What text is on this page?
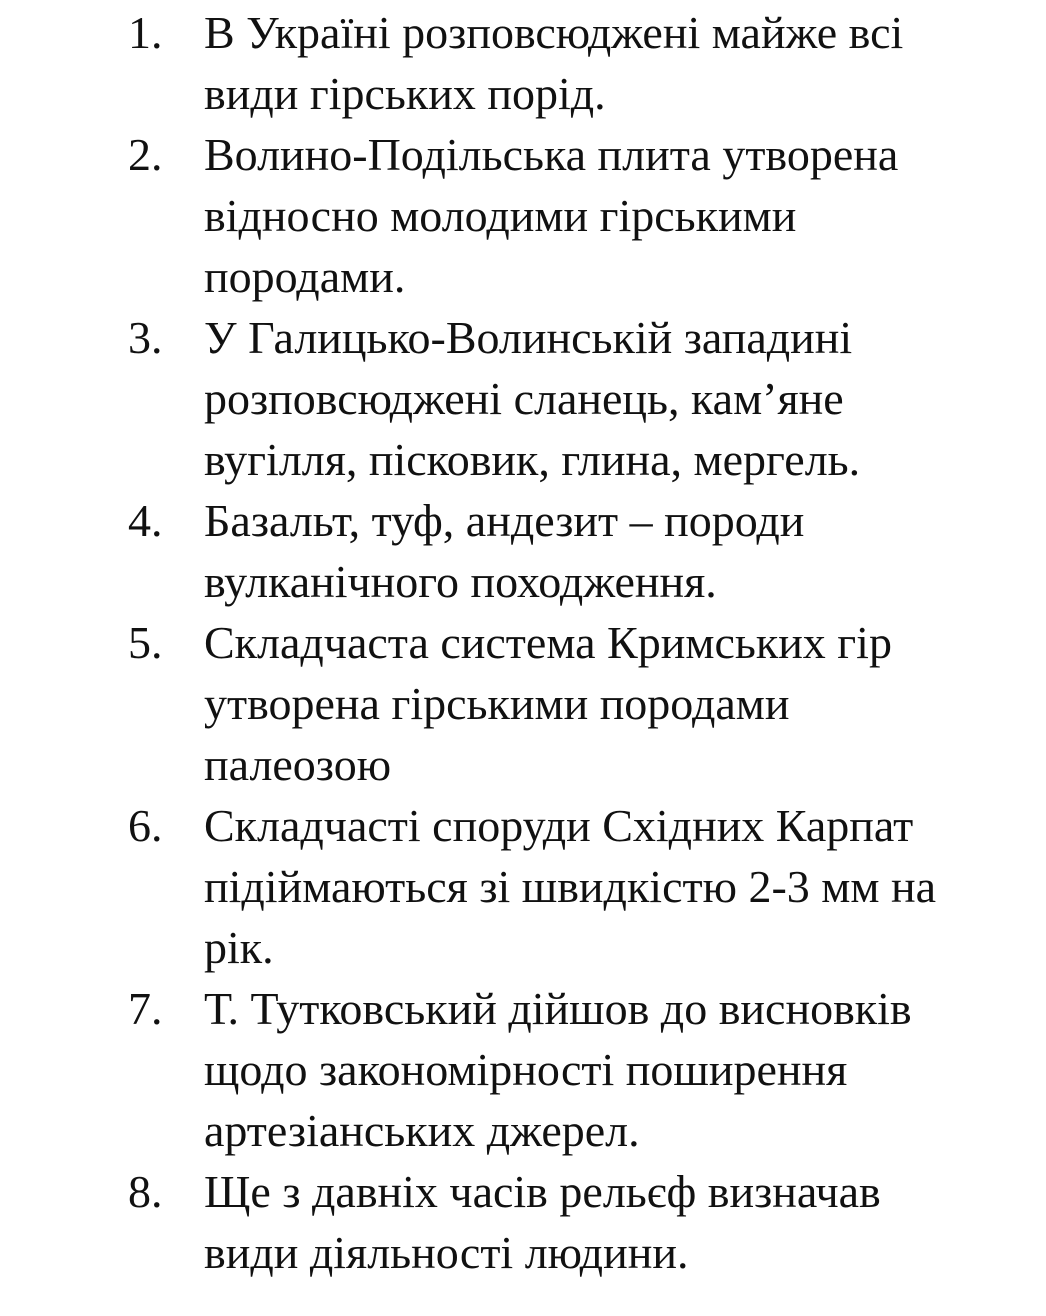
1. В Україні розповсюджені майже всі
види гірських порід.
2. Волино-Подільська плита утворена
відносно молодими гірськими
породами.
3. У Галицько-Волинській западині
розповсюджені сланець, кам’яне
вугілля, пісковик, глина, мергель.
4. Базальт, туф, андезит – породи
вулканічного походження.
5. Складчаста система Кримських гір
утворена гірськими породами
палеозою
6. Складчасті споруди Східних Карпат
підіймаються зі швидкістю 2-3 мм на
рік.
7. Т. Тутковський дійшов до висновків
щодо закономірності поширення
артезіанських джерел.
8. Ще з давніх часів рельєф визначав
види діяльності людини.
